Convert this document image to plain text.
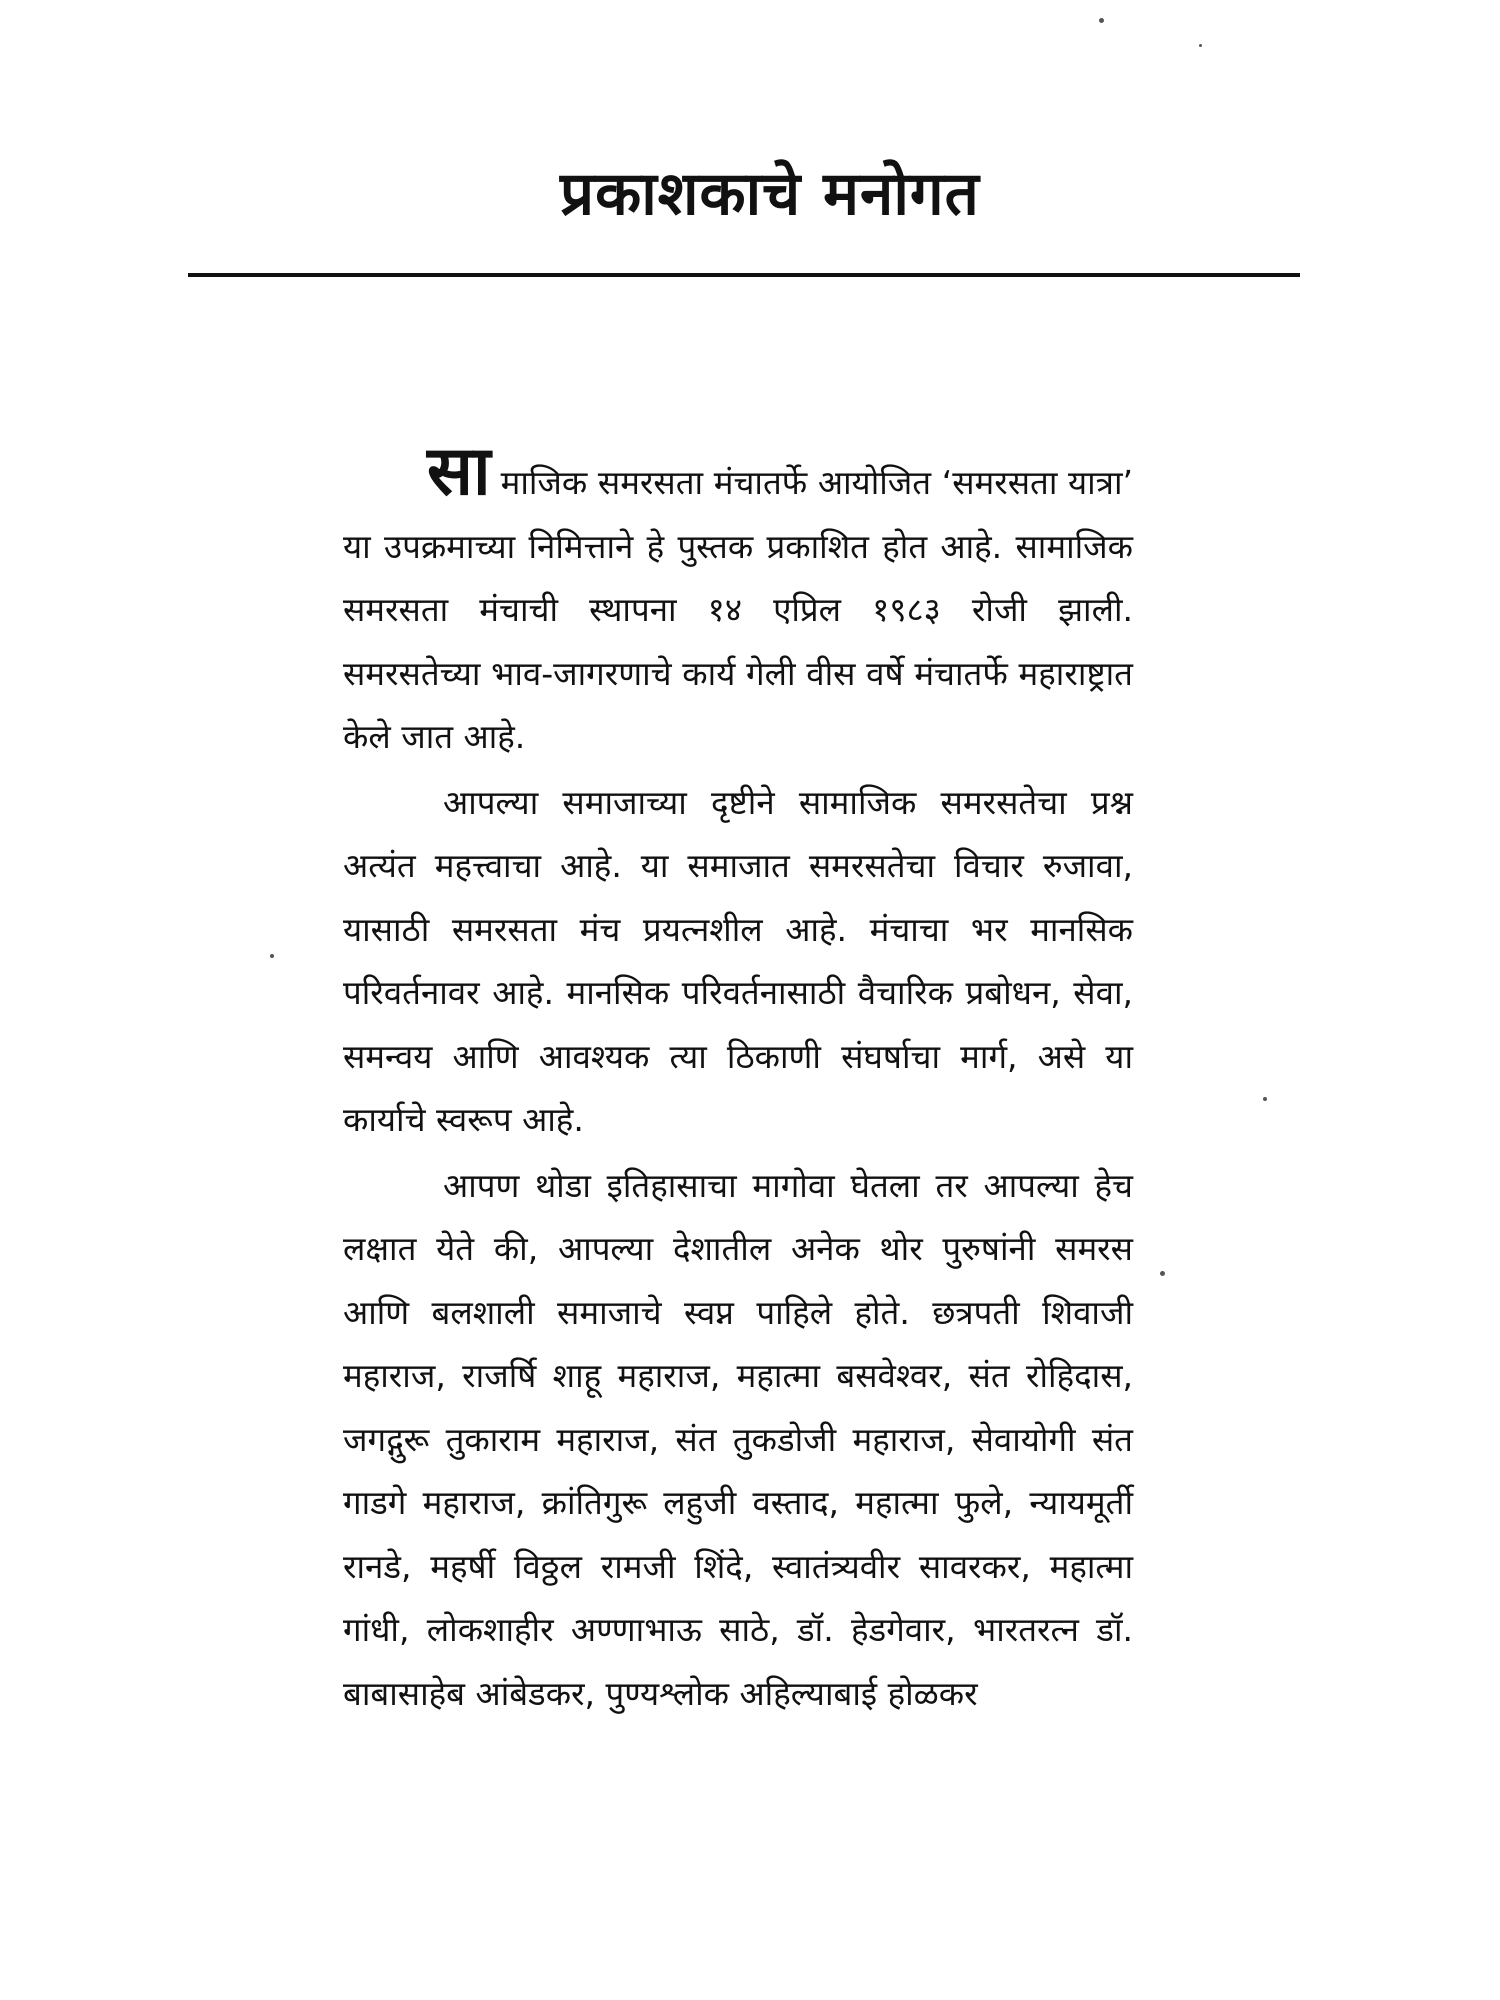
प्रकाशकाचे मनोगत

सामाजिक समरसता मंचातर्फे आयोजित ‘समरसता यात्रा’ या उपक्रमाच्या निमित्ताने हे पुस्तक प्रकाशित होत आहे. सामाजिक समरसता मंचाची स्थापना १४ एप्रिल १९८३ रोजी झाली. समरसतेच्या भाव-जागरणाचे कार्य गेली वीस वर्षे मंचातर्फे महाराष्ट्रात केले जात आहे.

आपल्या समाजाच्या दृष्टीने सामाजिक समरसतेचा प्रश्न अत्यंत महत्त्वाचा आहे. या समाजात समरसतेचा विचार रुजावा, यासाठी समरसता मंच प्रयत्नशील आहे. मंचाचा भर मानसिक परिवर्तनावर आहे. मानसिक परिवर्तनासाठी वैचारिक प्रबोधन, सेवा, समन्वय आणि आवश्यक त्या ठिकाणी संघर्षाचा मार्ग, असे या कार्याचे स्वरूप आहे.

आपण थोडा इतिहासाचा मागोवा घेतला तर आपल्या हेच लक्षात येते की, आपल्या देशातील अनेक थोर पुरुषांनी समरस आणि बलशाली समाजाचे स्वप्न पाहिले होते. छत्रपती शिवाजी महाराज, राजर्षि शाहू महाराज, महात्मा बसवेश्वर, संत रोहिदास, जगद्गुरू तुकाराम महाराज, संत तुकडोजी महाराज, सेवायोगी संत गाडगे महाराज, क्रांतिगुरू लहुजी वस्ताद, महात्मा फुले, न्यायमूर्ती रानडे, महर्षी विठ्ठल रामजी शिंदे, स्वातंत्र्यवीर सावरकर, महात्मा गांधी, लोकशाहीर अण्णाभाऊ साठे, डॉ. हेडगेवार, भारतरत्न डॉ. बाबासाहेब आंबेडकर, पुण्यश्लोक अहिल्याबाई होळकर
